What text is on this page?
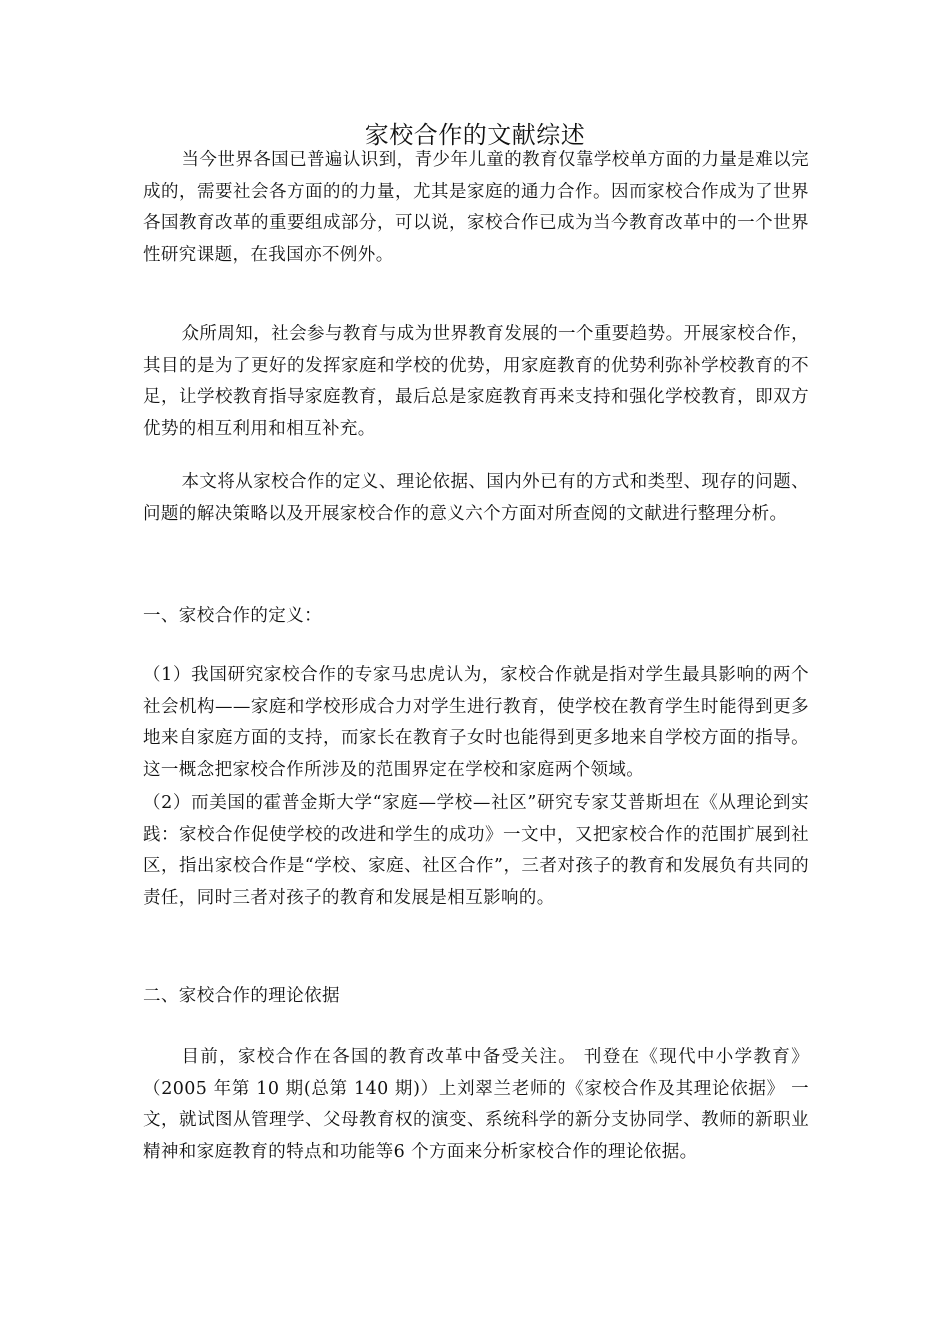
家校合作的文献综述
当今世界各国已普遍认识到，青少年儿童的教育仅靠学校单方面的力量是难以完成的，需要社会各方面的的力量，尤其是家庭的通力合作。因而家校合作成为了世界各国教育改革的重要组成部分，可以说，家校合作已成为当今教育改革中的一个世界性研究课题，在我国亦不例外。
众所周知，社会参与教育与成为世界教育发展的一个重要趋势。开展家校合作，其目的是为了更好的发挥家庭和学校的优势，用家庭教育的优势利弥补学校教育的不足，让学校教育指导家庭教育，最后总是家庭教育再来支持和强化学校教育，即双方优势的相互利用和相互补充。
本文将从家校合作的定义、理论依据、国内外已有的方式和类型、现存的问题、问题的解决策略以及开展家校合作的意义六个方面对所查阅的文献进行整理分析。
一、家校合作的定义：
（1）我国研究家校合作的专家马忠虎认为，家校合作就是指对学生最具影响的两个社会机构——家庭和学校形成合力对学生进行教育，使学校在教育学生时能得到更多地来自家庭方面的支持，而家长在教育子女时也能得到更多地来自学校方面的指导。这一概念把家校合作所涉及的范围界定在学校和家庭两个领域。
（2）而美国的霍普金斯大学“家庭—学校—社区”研究专家艾普斯坦在《从理论到实践：家校合作促使学校的改进和学生的成功》一文中，又把家校合作的范围扩展到社区，指出家校合作是“学校、家庭、社区合作”，三者对孩子的教育和发展负有共同的责任，同时三者对孩子的教育和发展是相互影响的。
二、家校合作的理论依据
目前，家校合作在各国的教育改革中备受关注。 刊登在《现代中小学教育》（2005 年第 10 期(总第 140 期)）上刘翠兰老师的《家校合作及其理论依据》 一文，就试图从管理学、父母教育权的演变、系统科学的新分支协同学、教师的新职业精神和家庭教育的特点和功能等6 个方面来分析家校合作的理论依据。
